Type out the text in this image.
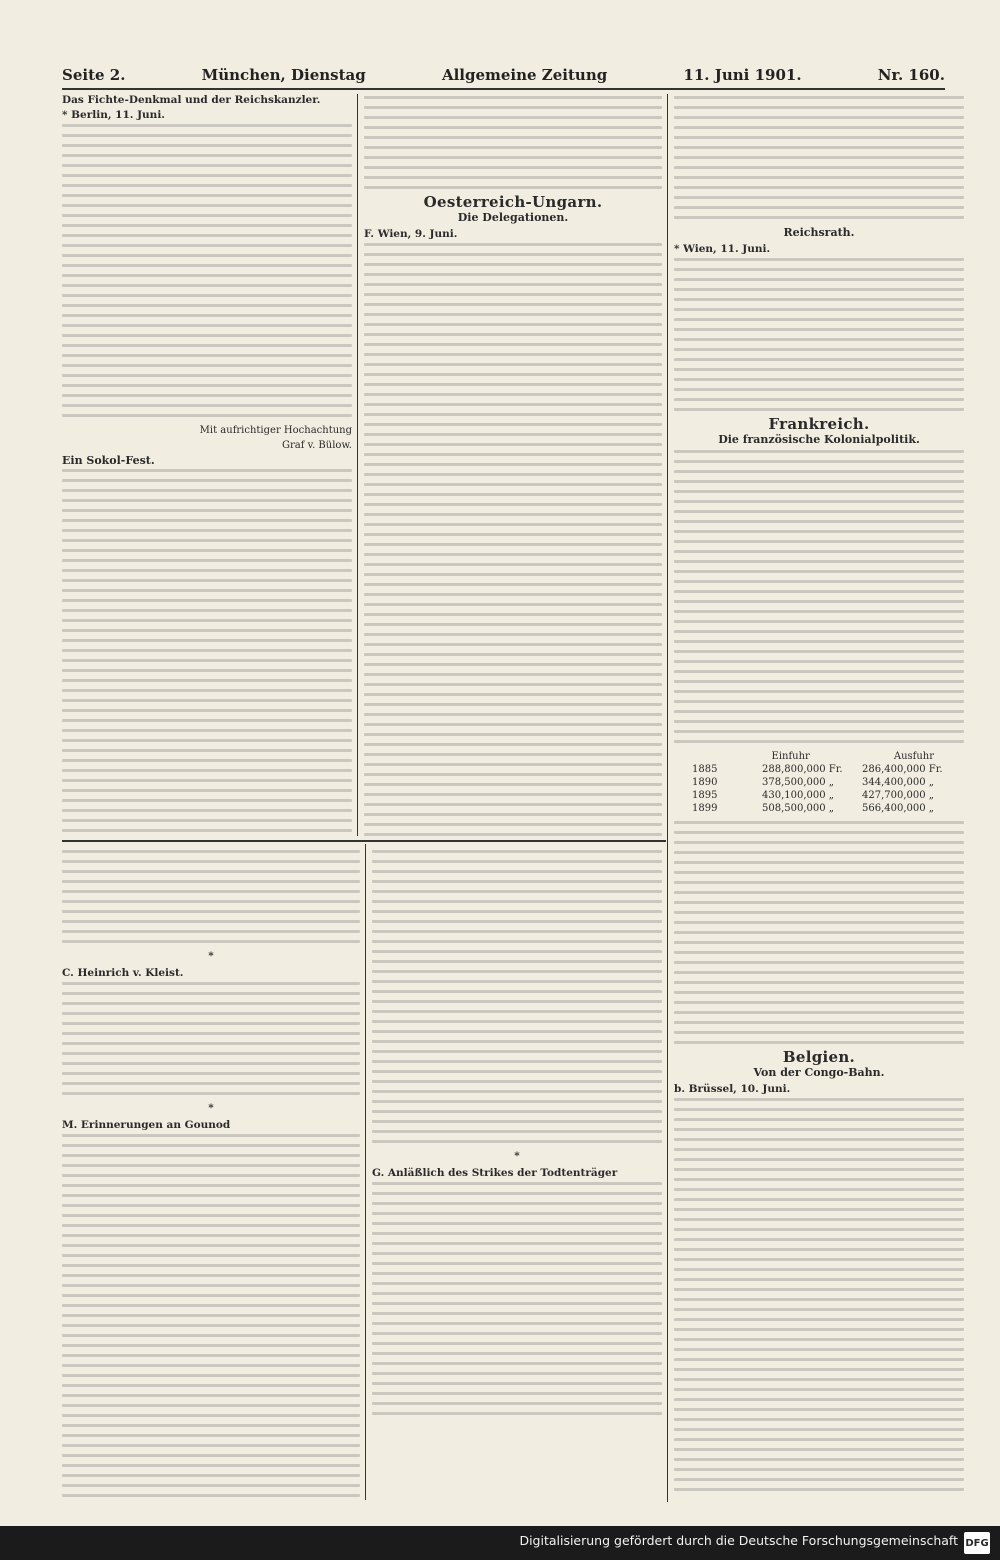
Seite 2.	München, Dienstag	Allgemeine Zeitung	11. Juni 1901.	Nr. 160.

Das Fichte-Denkmal und der Reichskanzler.

* Berlin, 11. Juni.

Mit aufrichtiger Hochachtung

Graf v. Bülow.

Ein Sokol-Fest.

Oesterreich-Ungarn.
Die Delegationen.

F. Wien, 9. Juni.	Reichsrath.

* Wien, 11. Juni.

Frankreich.
Die französische Kolonialpolitik.
Einfuhr	Ausfuhr
1885	288,800,000 Fr.	286,400,000 Fr.
1890	378,500,000 „	344,400,000 „
1895	430,100,000 „	427,700,000 „
1899	508,500,000 „	566,400,000 „
Belgien.
Von der Congo-Bahn.

b. Brüssel, 10. Juni.

*

C. Heinrich v. Kleist.

*

M. Erinnerungen an Gounod

*

G. Anläßlich des Strikes der Todtenträger

Digitalisierung gefördert durch die Deutsche Forschungsgemeinschaft DFG
